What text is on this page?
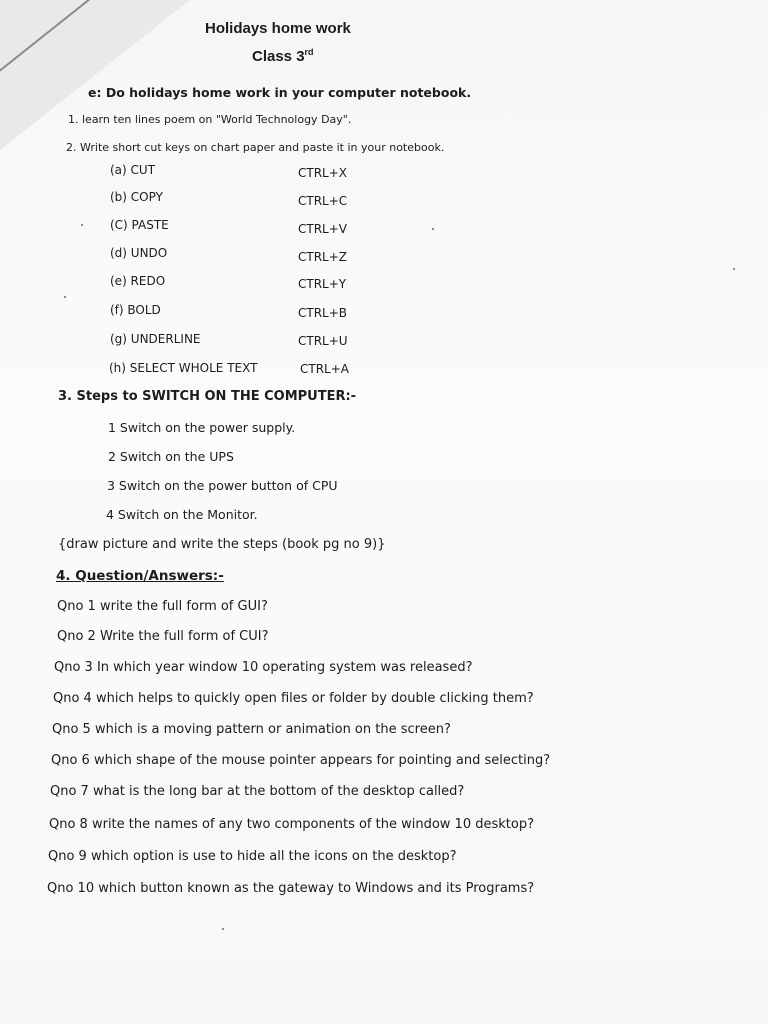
Holidays home work
Class 3rd
e: Do holidays home work in your computer notebook.
1. learn ten lines poem on "World Technology Day".
2. Write short cut keys on chart paper and paste it in your notebook.
(a) CUT	CTRL+X
(b) COPY	CTRL+C
(C) PASTE	CTRL+V
(d) UNDO	CTRL+Z
(e) REDO	CTRL+Y
(f) BOLD	CTRL+B
(g) UNDERLINE	CTRL+U
(h) SELECT WHOLE TEXT	CTRL+A
3. Steps to SWITCH ON THE COMPUTER:-
1 Switch on the power supply.
2 Switch on the UPS
3 Switch on the power button of CPU
4 Switch on the Monitor.
{draw picture and write the steps (book pg no 9)}
4. Question/Answers:-
Qno 1 write the full form of GUI?
Qno 2 Write the full form of CUI?
Qno 3 In which year window 10 operating system was released?
Qno 4 which helps to quickly open files or folder by double clicking them?
Qno 5 which is a moving pattern or animation on the screen?
Qno 6 which shape of the mouse pointer appears for pointing and selecting?
Qno 7 what is the long bar at the bottom of the desktop called?
Qno 8 write the names of any two components of the window 10 desktop?
Qno 9 which option is use to hide all the icons on the desktop?
Qno 10 which button known as the gateway to Windows and its Programs?
